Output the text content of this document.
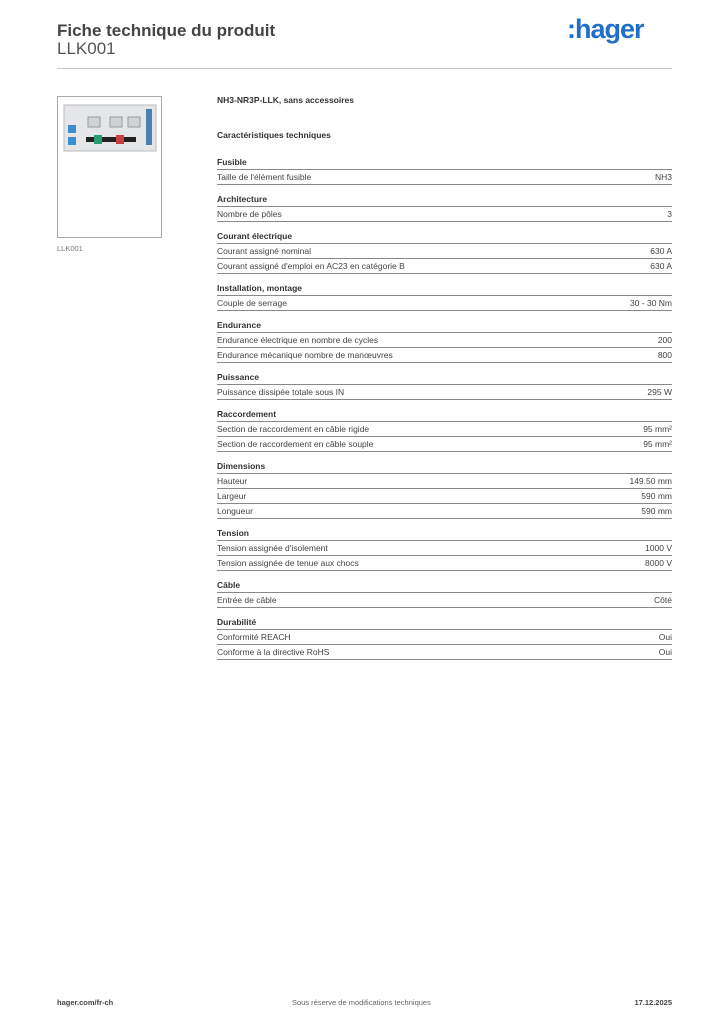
Fiche technique du produit
LLK001
:hager
LLK001
NH3-NR3P-LLK, sans accessoires
Caractéristiques techniques
Fusible
Taille de l'élément fusible	NH3
Architecture
Nombre de pôles	3
Courant électrique
Courant assigné nominal	630 A
Courant assigné d'emploi en AC23 en catégorie B	630 A
Installation, montage
Couple de serrage	30 - 30 Nm
Endurance
Endurance électrique en nombre de cycles	200
Endurance mécanique nombre de manœuvres	800
Puissance
Puissance dissipée totale sous IN	295 W
Raccordement
Section de raccordement en câble rigide	95 mm²
Section de raccordement en câble souple	95 mm²
Dimensions
Hauteur	149.50 mm
Largeur	590 mm
Longueur	590 mm
Tension
Tension assignée d'isolement	1000 V
Tension assignée de tenue aux chocs	8000 V
Câble
Entrée de câble	Côté
Durabilité
Conformité REACH	Oui
Conforme à la directive RoHS	Oui
hager.com/fr-ch	Sous réserve de modifications techniques	17.12.2025
